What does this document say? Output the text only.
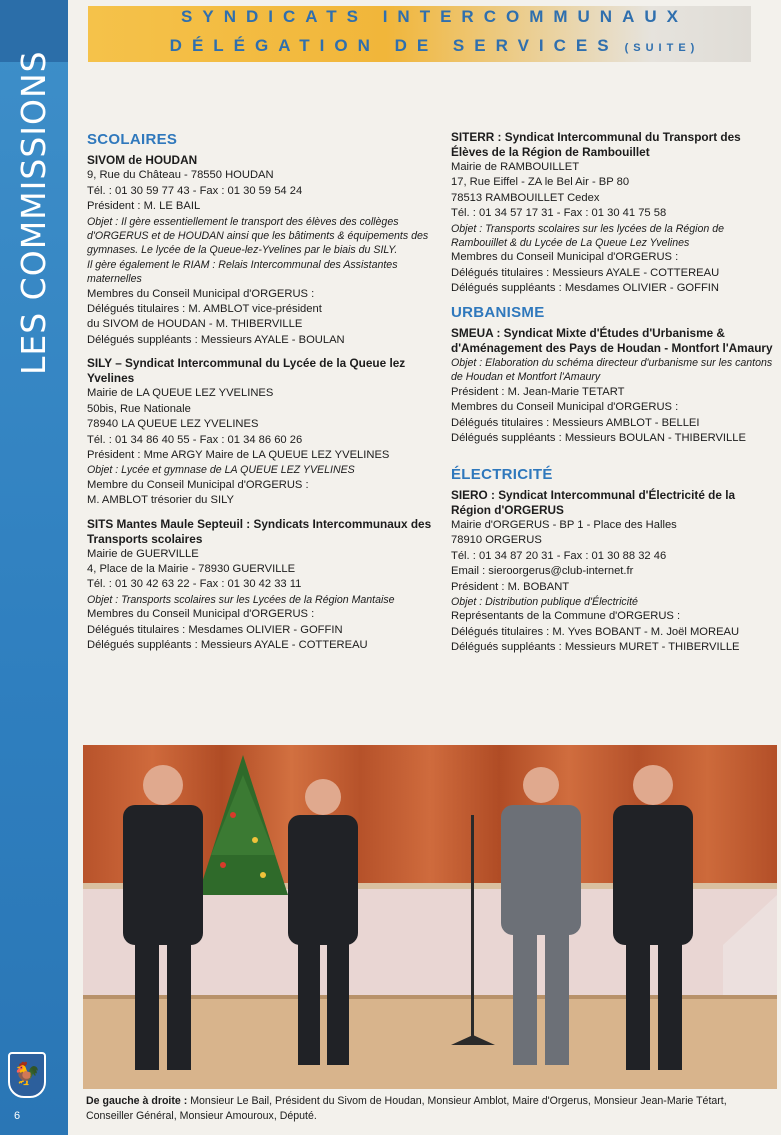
LES COMMISSIONS
🐓
6
SYNDICATS INTERCOMMUNAUX
DÉLÉGATION DE SERVICES (SUITE)
SCOLAIRES
SIVOM de HOUDAN
9, Rue du Château - 78550 HOUDAN
Tél. : 01 30 59 77 43 - Fax : 01 30 59 54 24
Président : M. LE BAIL
Objet : Il gère essentiellement le transport des élèves des collèges d'ORGERUS et de HOUDAN ainsi que les bâtiments & équipements des gymnases. Le lycée de la Queue-lez-Yvelines par le biais du SILY.
Il gère également le RIAM : Relais Intercommunal des Assistantes maternelles
Membres du Conseil Municipal d'ORGERUS :
Délégués titulaires : M. AMBLOT vice-président
du SIVOM de HOUDAN - M. THIBERVILLE
Délégués suppléants : Messieurs AYALE - BOULAN
SILY – Syndicat Intercommunal du Lycée de la Queue lez Yvelines
Mairie de LA QUEUE LEZ YVELINES
50bis, Rue Nationale
78940 LA QUEUE LEZ YVELINES
Tél. : 01 34 86 40 55 - Fax : 01 34 86 60 26
Président : Mme ARGY Maire de LA QUEUE LEZ YVELINES
Objet : Lycée et gymnase de LA QUEUE LEZ YVELINES
Membre du Conseil Municipal d'ORGERUS :
M. AMBLOT trésorier du SILY
SITS Mantes Maule Septeuil : Syndicats Intercommunaux des Transports scolaires
Mairie de GUERVILLE
4, Place de la Mairie - 78930 GUERVILLE
Tél. : 01 30 42 63 22 - Fax : 01 30 42 33 11
Objet : Transports scolaires sur les Lycées de la Région Mantaise
Membres du Conseil Municipal d'ORGERUS :
Délégués titulaires : Mesdames OLIVIER - GOFFIN
Délégués suppléants : Messieurs AYALE - COTTEREAU
SITERR : Syndicat Intercommunal du Transport des Élèves de la Région de Rambouillet
Mairie de RAMBOUILLET
17, Rue Eiffel - ZA le Bel Air - BP 80
78513 RAMBOUILLET Cedex
Tél. : 01 34 57 17 31 - Fax : 01 30 41 75 58
Objet : Transports scolaires sur les lycées de la Région de Rambouillet & du Lycée de La Queue Lez Yvelines
Membres du Conseil Municipal d'ORGERUS :
Délégués titulaires : Messieurs AYALE - COTTEREAU
Délégués suppléants : Mesdames OLIVIER - GOFFIN
URBANISME
SMEUA : Syndicat Mixte d'Études d'Urbanisme & d'Aménagement des Pays de Houdan - Montfort l'Amaury
Objet : Elaboration du schéma directeur d'urbanisme sur les cantons de Houdan et Montfort l'Amaury
Président : M. Jean-Marie TETART
Membres du Conseil Municipal d'ORGERUS :
Délégués titulaires : Messieurs AMBLOT - BELLEI
Délégués suppléants : Messieurs BOULAN - THIBERVILLE
ÉLECTRICITÉ
SIERO : Syndicat Intercommunal d'Électricité de la Région d'ORGERUS
Mairie d'ORGERUS - BP 1 - Place des Halles
78910 ORGERUS
Tél. : 01 34 87 20 31 - Fax : 01 30 88 32 46
Email : sieroorgerus@club-internet.fr
Président : M. BOBANT
Objet : Distribution publique d'Électricité
Représentants de la Commune d'ORGERUS :
Délégués titulaires : M. Yves BOBANT - M. Joël MOREAU
Délégués suppléants : Messieurs MURET - THIBERVILLE
De gauche à droite : Monsieur Le Bail, Président du Sivom de Houdan, Monsieur Amblot, Maire d'Orgerus, Monsieur Jean-Marie Tétart, Conseiller Général, Monsieur Amouroux, Député.
